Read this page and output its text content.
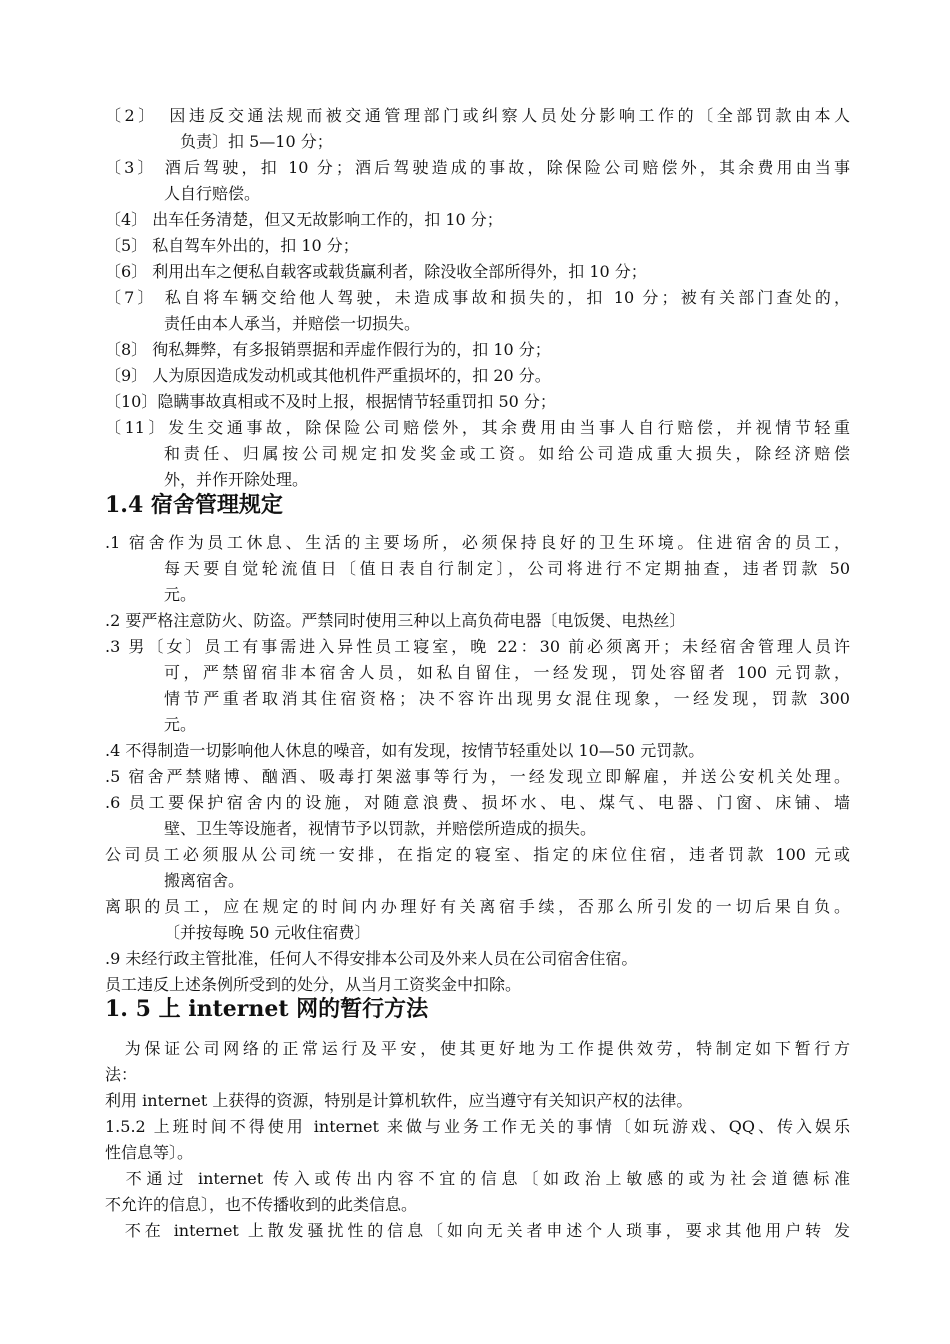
〔2〕　因违反交通法规而被交通管理部门或纠察人员处分影响工作的〔全部罚款由本人
负责〕扣 5—10 分；
〔3〕 酒后驾驶，扣 10 分；酒后驾驶造成的事故，除保险公司赔偿外，其余费用由当事
人自行赔偿。
〔4〕 出车任务清楚，但又无故影响工作的，扣 10 分；
〔5〕 私自驾车外出的，扣 10 分；
〔6〕 利用出车之便私自载客或载货赢利者，除没收全部所得外，扣 10 分；
〔7〕 私自将车辆交给他人驾驶，未造成事故和损失的，扣 10 分；被有关部门查处的，
责任由本人承当，并赔偿一切损失。
〔8〕 徇私舞弊，有多报销票据和弄虚作假行为的，扣 10 分；
〔9〕 人为原因造成发动机或其他机件严重损坏的，扣 20 分。
〔10〕隐瞒事故真相或不及时上报，根据情节轻重罚扣 50 分；
〔11〕发生交通事故，除保险公司赔偿外，其余费用由当事人自行赔偿，并视情节轻重
和责任、归属按公司规定扣发奖金或工资。如给公司造成重大损失，除经济赔偿
外，并作开除处理。
1.4 宿舍管理规定
.1 宿舍作为员工休息、生活的主要场所，必须保持良好的卫生环境。住进宿舍的员工，
每天要自觉轮流值日〔值日表自行制定〕，公司将进行不定期抽查，违者罚款 50
元。
.2 要严格注意防火、防盗。严禁同时使用三种以上高负荷电器〔电饭煲、电热丝〕
.3 男〔女〕员工有事需进入异性员工寝室，晚 22：30 前必须离开；未经宿舍管理人员许
可，严禁留宿非本宿舍人员，如私自留住，一经发现，罚处容留者 100 元罚款，
情节严重者取消其住宿资格；决不容许出现男女混住现象，一经发现，罚款 300
元。
.4 不得制造一切影响他人休息的噪音，如有发现，按情节轻重处以 10—50 元罚款。
.5 宿舍严禁赌博、酗酒、吸毒打架滋事等行为，一经发现立即解雇，并送公安机关处理。
.6 员工要保护宿舍内的设施，对随意浪费、损坏水、电、煤气、电器、门窗、床铺、墙
壁、卫生等设施者，视情节予以罚款，并赔偿所造成的损失。
公司员工必须服从公司统一安排，在指定的寝室、指定的床位住宿，违者罚款 100 元或
搬离宿舍。
离职的员工，应在规定的时间内办理好有关离宿手续，否那么所引发的一切后果自负。
〔并按每晚 50 元收住宿费〕
.9 未经行政主管批准，任何人不得安排本公司及外来人员在公司宿舍住宿。
员工违反上述条例所受到的处分，从当月工资奖金中扣除。
1. 5 上 internet 网的暂行方法
　为保证公司网络的正常运行及平安，使其更好地为工作提供效劳，特制定如下暂行方
法：
利用 internet 上获得的资源，特别是计算机软件，应当遵守有关知识产权的法律。
1.5.2 上班时间不得使用 internet 来做与业务工作无关的事情〔如玩游戏、QQ、传入娱乐
性信息等〕。
　不通过 internet 传入或传出内容不宜的信息〔如政治上敏感的或为社会道德标准
不允许的信息〕，也不传播收到的此类信息。
　不在 internet 上散发骚扰性的信息〔如向无关者申述个人琐事，要求其他用户转 发
